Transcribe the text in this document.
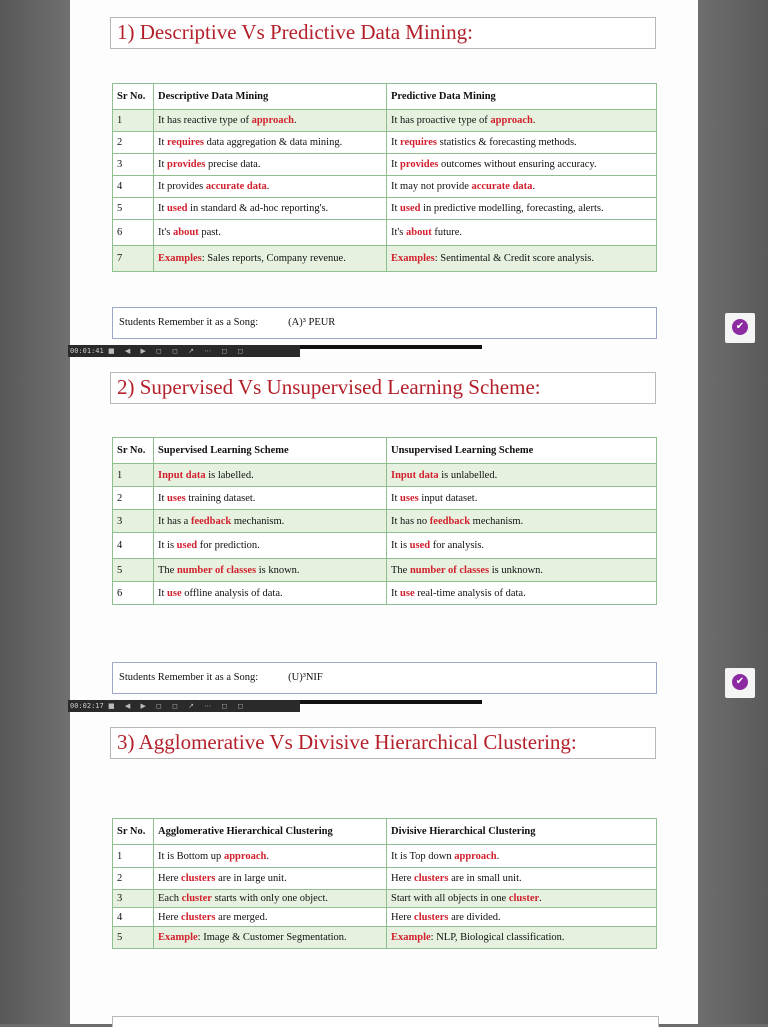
1) Descriptive Vs Predictive Data Mining:
Sr No.	Descriptive Data Mining	Predictive Data Mining
1	It has reactive type of approach.	It has proactive type of approach.
2	It requires data aggregation & data mining.	It requires statistics & forecasting methods.
3	It provides precise data.	It provides outcomes without ensuring accuracy.
4	It provides accurate data.	It may not provide accurate data.
5	It used in standard & ad-hoc reporting's.	It used in predictive modelling, forecasting, alerts.
6	It's about past.	It's about future.
7	Examples: Sales reports, Company revenue.	Examples: Sentimental & Credit score analysis.
Students Remember it as a Song:	(A)³ PEUR
2) Supervised Vs Unsupervised Learning Scheme:
Sr No.	Supervised Learning Scheme	Unsupervised Learning Scheme
1	Input data is labelled.	Input data is unlabelled.
2	It uses training dataset.	It uses input dataset.
3	It has a feedback mechanism.	It has no feedback mechanism.
4	It is used for prediction.	It is used for analysis.
5	The number of classes is known.	The number of classes is unknown.
6	It use offline analysis of data.	It use real-time analysis of data.
Students Remember it as a Song:	(U)³NIF
3) Agglomerative Vs Divisive Hierarchical Clustering:
Sr No.	Agglomerative Hierarchical Clustering	Divisive Hierarchical Clustering
1	It is Bottom up approach.	It is Top down approach.
2	Here clusters are in large unit.	Here clusters are in small unit.
3	Each cluster starts with only one object.	Start with all objects in one cluster.
4	Here clusters are merged.	Here clusters are divided.
5	Example: Image & Customer Segmentation.	Example: NLP, Biological classification.
00:01:41 ■ ◀ ▶ ◻ ◻ ↗ ⋯ ◻ ◻
00:02:17 ■ ◀ ▶ ◻ ◻ ↗ ⋯ ◻ ◻
✔
✔
